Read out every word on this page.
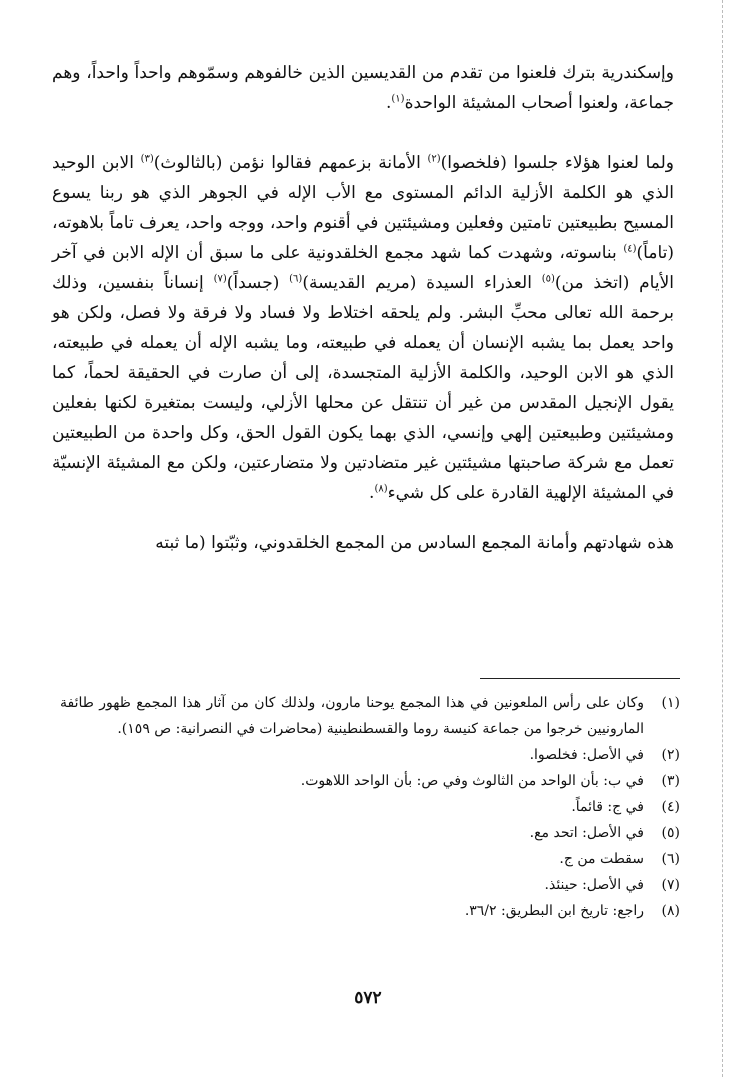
وإسكندرية بترك فلعنوا من تقدم من القديسين الذين خالفوهم وسمّوهم واحداً واحداً، وهم جماعة، ولعنوا أصحاب المشيئة الواحدة$^{(١)}$.

ولما لعنوا هؤلاء جلسوا (فلخصوا)$^{(٢)}$ الأمانة بزعمهم فقالوا نؤمن (بالثالوث)$^{(٣)}$ الابن الوحيد الذي هو الكلمة الأزلية الدائم المستوى مع الأب الإله في الجوهر الذي هو ربنا يسوع المسيح بطبيعتين تامتين وفعلين ومشيئتين في أقنوم واحد، ووجه واحد، يعرف تاماً بلاهوته، (تاماً)$^{(٤)}$ بناسوته، وشهدت كما شهد مجمع الخلقدونية على ما سبق أن الإله الابن في آخر الأيام (اتخذ من)$^{(٥)}$ العذراء السيدة (مريم القديسة)$^{(٦)}$ (جسداً)$^{(٧)}$ إنساناً بنفسين، وذلك برحمة الله تعالى محبِّ البشر. ولم يلحقه اختلاط ولا فساد ولا فرقة ولا فصل، ولكن هو واحد يعمل بما يشبه الإنسان أن يعمله في طبيعته، وما يشبه الإله أن يعمله في طبيعته، الذي هو الابن الوحيد، والكلمة الأزلية المتجسدة، إلى أن صارت في الحقيقة لحماً، كما يقول الإنجيل المقدس من غير أن تنتقل عن محلها الأزلي، وليست بمتغيرة لكنها بفعلين ومشيئتين وطبيعتين إلهي وإنسي، الذي بهما يكون القول الحق، وكل واحدة من الطبيعتين تعمل مع شركة صاحبتها مشيئتين غير متضادتين ولا متضارعتين، ولكن مع المشيئة الإنسيّة في المشيئة الإلهية القادرة على كل شيء$^{(٨)}$.

هذه شهادتهم وأمانة المجمع السادس من المجمع الخلقدوني، وثبّتوا (ما ثبته

(١)
وكان على رأس الملعونين في هذا المجمع يوحنا مارون، ولذلك كان من آثار هذا المجمع ظهور طائفة المارونيين خرجوا من جماعة كنيسة روما والقسطنطينية (محاضرات في النصرانية: ص ١٥٩).
(٢)
في الأصل: فخلصوا.
(٣)
في ب: بأن الواحد من الثالوث وفي ص: بأن الواحد اللاهوت.
(٤)
في ج: قائماً.
(٥)
في الأصل: اتحد مع.
(٦)
سقطت من ج.
(٧)
في الأصل: حينئذ.
(٨)
راجع: تاريخ ابن البطريق: ٣٦/٢.
٥٧٢
